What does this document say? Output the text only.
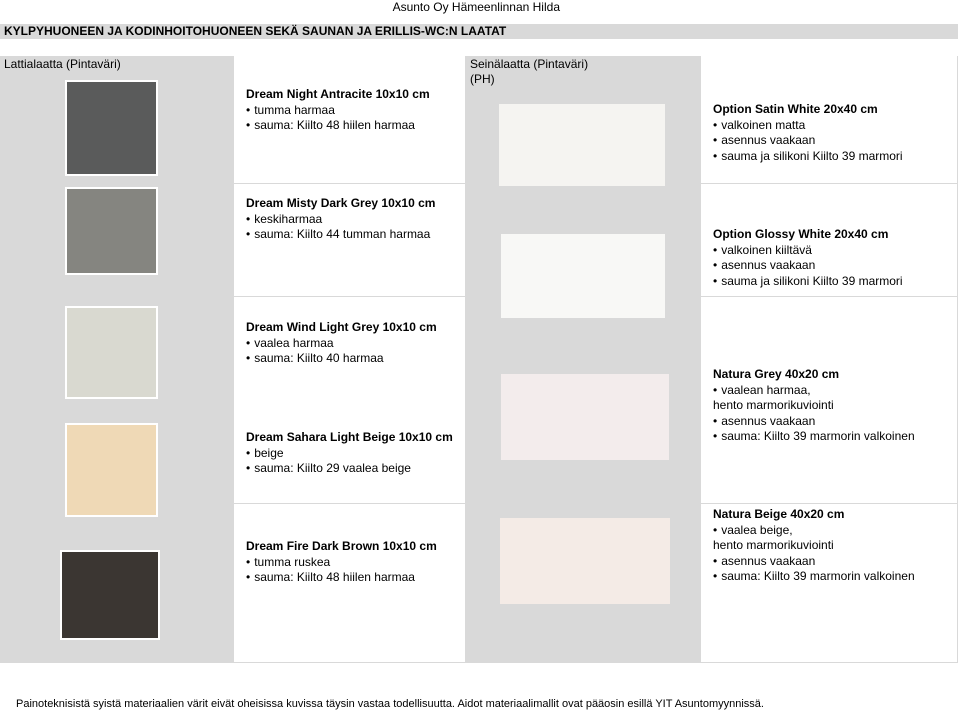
Asunto Oy Hämeenlinnan Hilda
KYLPYHUONEEN JA KODINHOITOHUONEEN SEKÄ SAUNAN JA ERILLIS-WC:N LAATAT
Lattialaatta (Pintaväri)	Seinälaatta (Pintaväri)
(PH)
Dream Night Antracite 10x10 cm
• tumma harmaa
• sauma: Kiilto 48 hiilen harmaa
Dream Misty Dark Grey 10x10 cm
• keskiharmaa
• sauma: Kiilto 44 tumman harmaa
Dream Wind Light Grey 10x10 cm
• vaalea harmaa
• sauma: Kiilto 40 harmaa
Dream Sahara Light Beige 10x10 cm
• beige
• sauma: Kiilto 29 vaalea beige
Dream Fire Dark Brown 10x10 cm
• tumma ruskea
• sauma: Kiilto 48 hiilen harmaa
Option Satin White 20x40 cm
• valkoinen matta
• asennus vaakaan
• sauma ja silikoni Kiilto 39 marmori
Option Glossy White 20x40 cm
• valkoinen kiiltävä
• asennus vaakaan
• sauma ja silikoni Kiilto 39 marmori
Natura Grey 40x20 cm
• vaalean harmaa,
hento marmorikuviointi
• asennus vaakaan
• sauma: Kiilto 39 marmorin valkoinen
Natura Beige 40x20 cm
• vaalea beige,
hento marmorikuviointi
• asennus vaakaan
• sauma: Kiilto 39 marmorin valkoinen
Painoteknisistä syistä materiaalien värit eivät oheisissa kuvissa täysin vastaa todellisuutta. Aidot materiaalimallit ovat pääosin esillä YIT Asuntomyynnissä.
